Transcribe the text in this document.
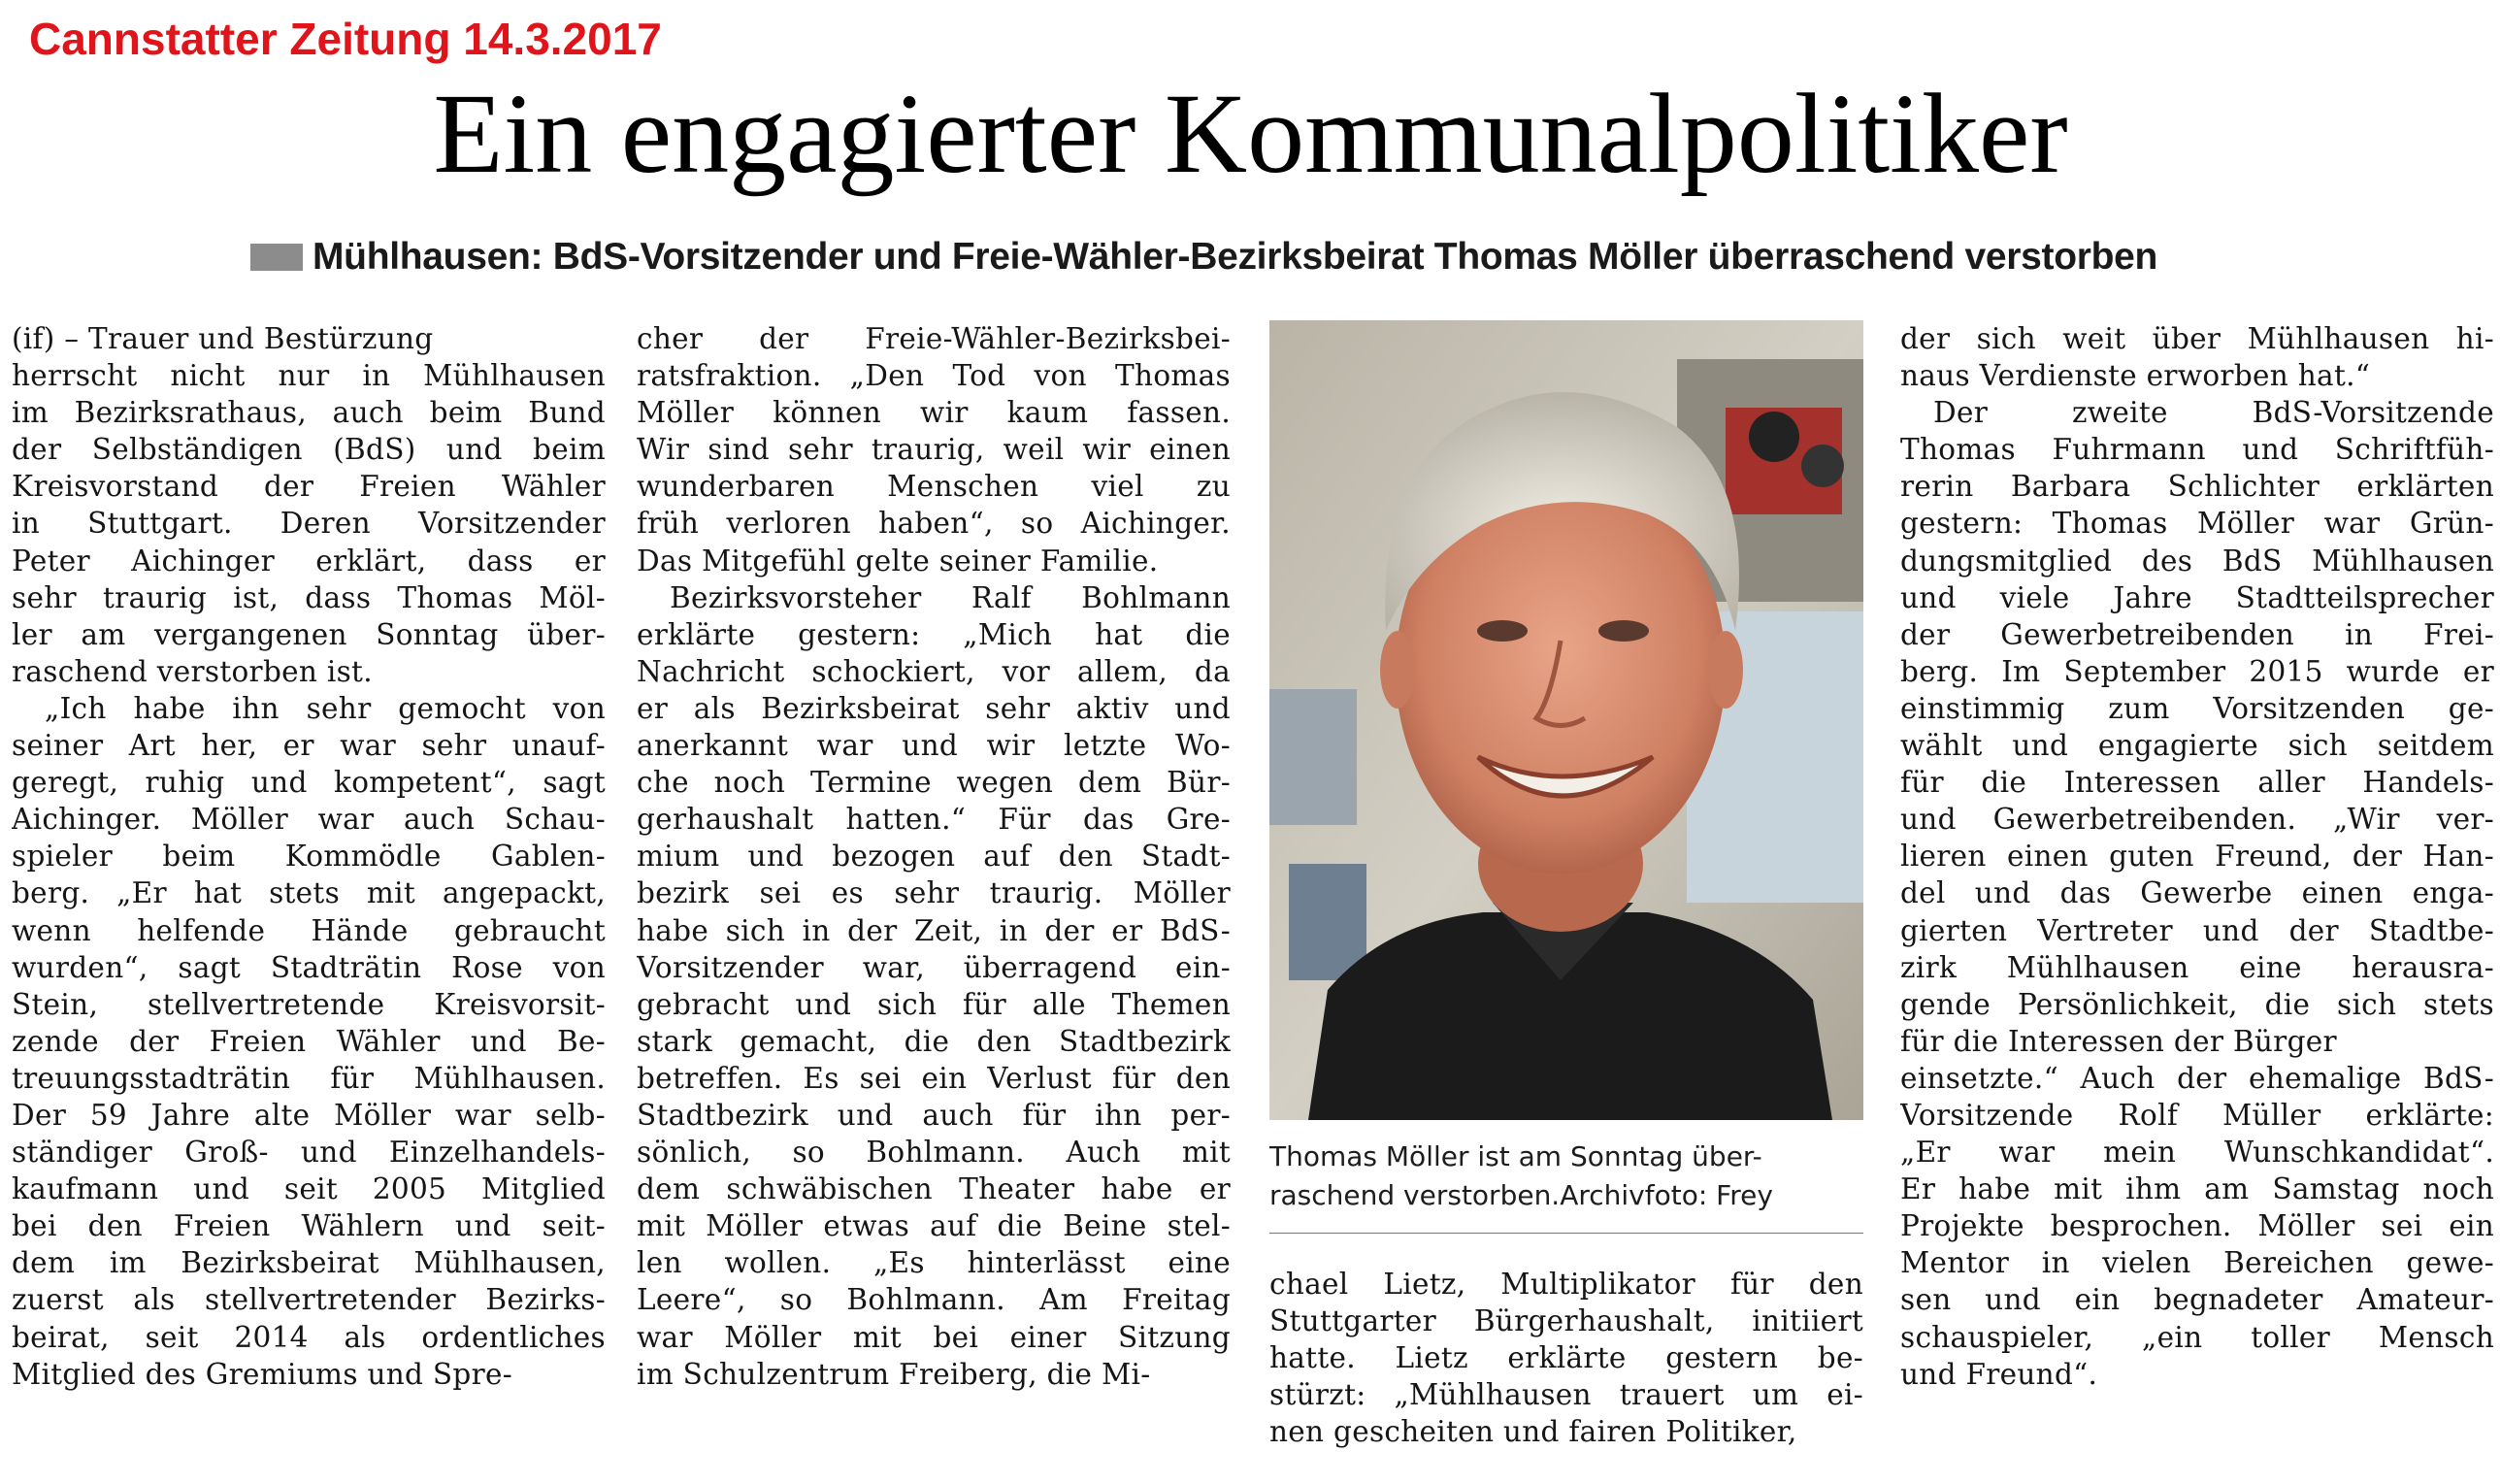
Cannstatter Zeitung 14.3.2017
Ein engagierter Kommunalpolitiker
Mühlhausen: BdS-Vorsitzender und Freie-Wähler-Bezirksbeirat Thomas Möller überraschend verstorben
(if) – Trauer und Bestürzung
herrscht nicht nur in Mühlhausen
im Bezirksrathaus, auch beim Bund
der Selbständigen (BdS) und beim
Kreisvorstand der Freien Wähler
in Stuttgart. Deren Vorsitzender
Peter Aichinger erklärt, dass er
sehr traurig ist, dass Thomas Möl-
ler am vergangenen Sonntag über-
raschend verstorben ist.
„Ich habe ihn sehr gemocht von
seiner Art her, er war sehr unauf-
geregt, ruhig und kompetent“, sagt
Aichinger. Möller war auch Schau-
spieler beim Kommödle Gablen-
berg. „Er hat stets mit angepackt,
wenn helfende Hände gebraucht
wurden“, sagt Stadträtin Rose von
Stein, stellvertretende Kreisvorsit-
zende der Freien Wähler und Be-
treuungsstadträtin für Mühlhausen.
Der 59 Jahre alte Möller war selb-
ständiger Groß- und Einzelhandels-
kaufmann und seit 2005 Mitglied
bei den Freien Wählern und seit-
dem im Bezirksbeirat Mühlhausen,
zuerst als stellvertretender Bezirks-
beirat, seit 2014 als ordentliches
Mitglied des Gremiums und Spre-
cher der Freie-Wähler-Bezirksbei-
ratsfraktion. „Den Tod von Thomas
Möller können wir kaum fassen.
Wir sind sehr traurig, weil wir einen
wunderbaren Menschen viel zu
früh verloren haben“, so Aichinger.
Das Mitgefühl gelte seiner Familie.
Bezirksvorsteher Ralf Bohlmann
erklärte gestern: „Mich hat die
Nachricht schockiert, vor allem, da
er als Bezirksbeirat sehr aktiv und
anerkannt war und wir letzte Wo-
che noch Termine wegen dem Bür-
gerhaushalt hatten.“ Für das Gre-
mium und bezogen auf den Stadt-
bezirk sei es sehr traurig. Möller
habe sich in der Zeit, in der er BdS-
Vorsitzender war, überragend ein-
gebracht und sich für alle Themen
stark gemacht, die den Stadtbezirk
betreffen. Es sei ein Verlust für den
Stadtbezirk und auch für ihn per-
sönlich, so Bohlmann. Auch mit
dem schwäbischen Theater habe er
mit Möller etwas auf die Beine stel-
len wollen. „Es hinterlässt eine
Leere“, so Bohlmann. Am Freitag
war Möller mit bei einer Sitzung
im Schulzentrum Freiberg, die Mi-
Thomas Möller ist am Sonntag über-
raschend verstorben.Archivfoto: Frey
chael Lietz, Multiplikator für den
Stuttgarter Bürgerhaushalt, initiiert
hatte. Lietz erklärte gestern be-
stürzt: „Mühlhausen trauert um ei-
nen gescheiten und fairen Politiker,
der sich weit über Mühlhausen hi-
naus Verdienste erworben hat.“
Der zweite BdS-Vorsitzende
Thomas Fuhrmann und Schriftfüh-
rerin Barbara Schlichter erklärten
gestern: Thomas Möller war Grün-
dungsmitglied des BdS Mühlhausen
und viele Jahre Stadtteilsprecher
der Gewerbetreibenden in Frei-
berg. Im September 2015 wurde er
einstimmig zum Vorsitzenden ge-
wählt und engagierte sich seitdem
für die Interessen aller Handels-
und Gewerbetreibenden. „Wir ver-
lieren einen guten Freund, der Han-
del und das Gewerbe einen enga-
gierten Vertreter und der Stadtbe-
zirk Mühlhausen eine herausra-
gende Persönlichkeit, die sich stets
für die Interessen der Bürger
einsetzte.“ Auch der ehemalige BdS-
Vorsitzende Rolf Müller erklärte:
„Er war mein Wunschkandidat“.
Er habe mit ihm am Samstag noch
Projekte besprochen. Möller sei ein
Mentor in vielen Bereichen gewe-
sen und ein begnadeter Amateur-
schauspieler, „ein toller Mensch
und Freund“.
